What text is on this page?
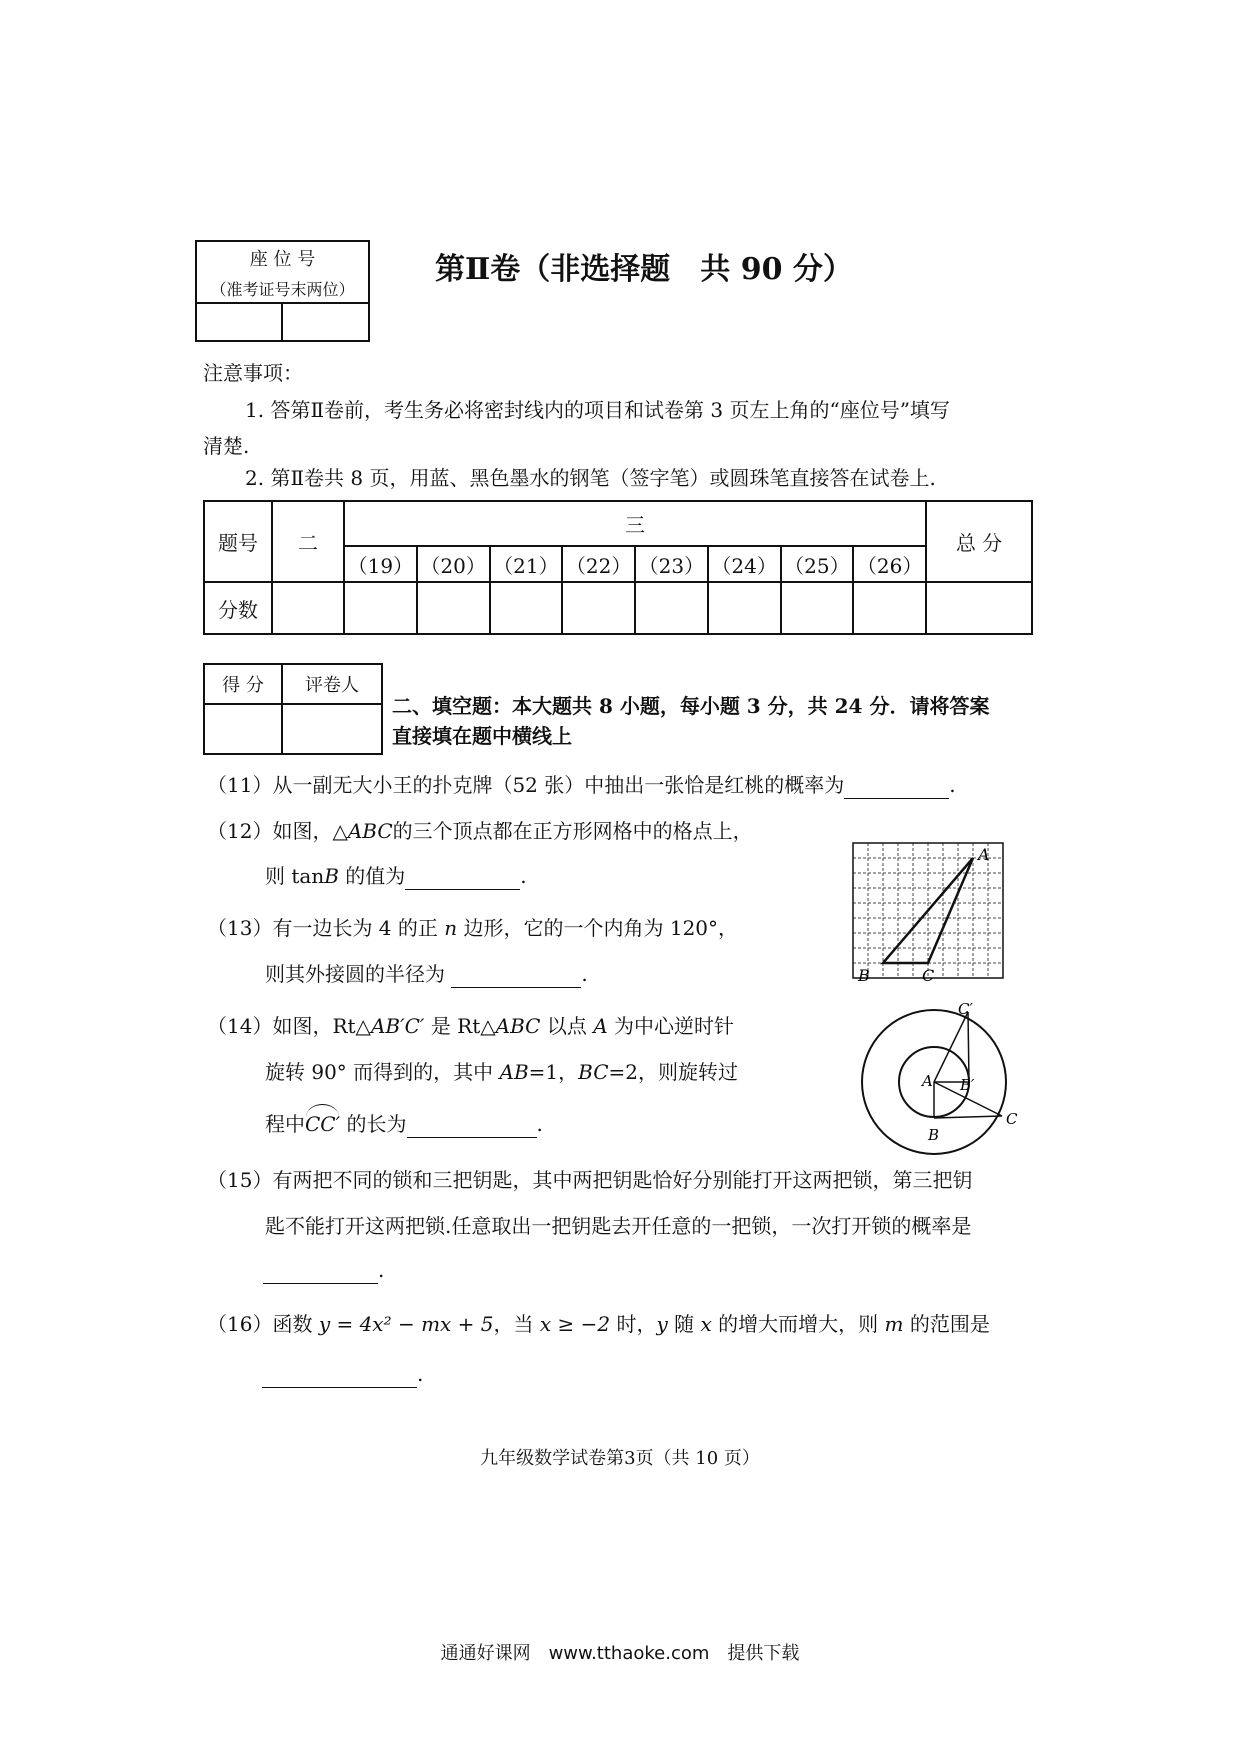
座 位 号
（准考证号末两位）

第Ⅱ卷（非选择题　共 90 分）
注意事项：
1. 答第Ⅱ卷前，考生务必将密封线内的项目和试卷第 3 页左上角的“座位号”填写
清楚.
2. 第Ⅱ卷共 8 页，用蓝、黑色墨水的钢笔（签字笔）或圆珠笔直接答在试卷上.
题号	二	三								总 分
		（19）	（20）	（21）	（22）	（23）	（24）	（25）	（26）	
分数										
得 分	评卷人

二、填空题：本大题共 8 小题，每小题 3 分，共 24 分．请将答案
直接填在题中横线上
（11）从一副无大小王的扑克牌（52 张）中抽出一张恰是红桃的概率为	.
（12）如图，△ABC的三个顶点都在正方形网格中的格点上，
则 tanB 的值为	.
A
B	C
（13）有一边长为 4 的正 n 边形，它的一个内角为 120°，
则其外接圆的半径为	.
（14）如图，Rt△AB′C′ 是 Rt△ABC 以点 A 为中心逆时针
旋转 90° 而得到的，其中 AB=1，BC=2，则旋转过
程中CC′ 的长为	.
C′
A B′
B
C
（15）有两把不同的锁和三把钥匙，其中两把钥匙恰好分别能打开这两把锁，第三把钥
匙不能打开这两把锁.任意取出一把钥匙去开任意的一把锁，一次打开锁的概率是
.
（16）函数 y = 4x² − mx + 5，当 x ≥ −2 时，y 随 x 的增大而增大，则 m 的范围是
.
九年级数学试卷第3页（共 10 页）
通通好课网　www.tthaoke.com　提供下载
